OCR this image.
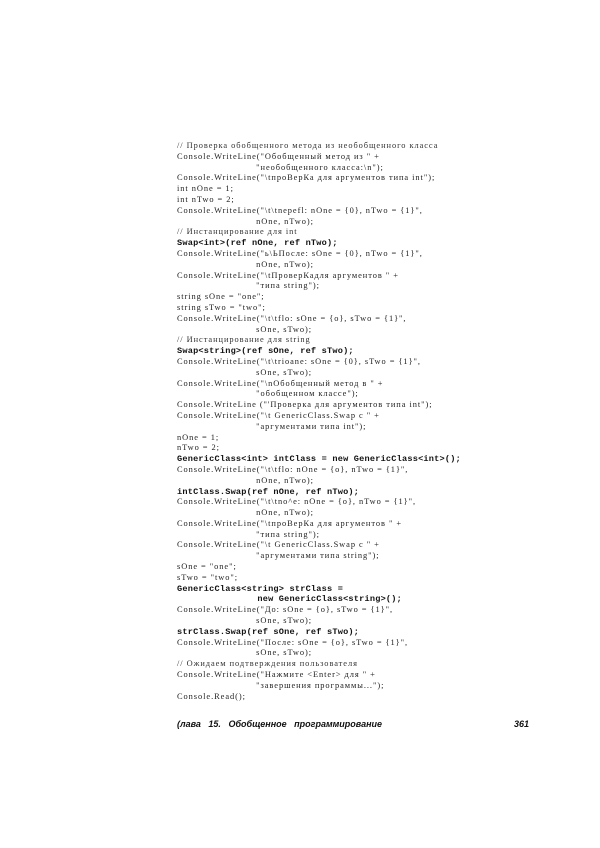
// Проверка обобщенного метода из необобщенного класса
Console.WriteLine("Обобщенный метод из " +
"необобщенного класса:\n");
Console.WriteLine("\tпроВерКа для аргументов типа int");
int nOne = 1;
int nTwo = 2;
Console.WriteLine("\t\tnepefl: nOne = {0}, nTwo = {1}",
nOne, nTwo);
// Инстанцирование для int
Swap<int>(ref nOne, ref nTwo);
Console.WriteLine("ь\ЬПосле: sOne = {0}, nTwo = {1}",
nOne, nTwo);
Console.WriteLine("\tПроверКадля аргументов " +
"типа string");
string sOne = "one";
string sTwo = "two";
Console.WriteLine("\t\tflo: sOne = {o}, sTwo = {1}",
sOne, sTwo);
// Инстанцирование для string
Swap<string>(ref sOne, ref sTwo);
Console.WriteLine("\t\trioane: sOne = {0}, sTwo = {1}",
sOne, sTwo);
Console.WriteLine("\nОбобщенный метод в " +
"обобщенном классе");
Console.WriteLine ("'Проверка для аргументов типа int");
Console.WriteLine("\t GenericClass.Swap с " +
"аргументами типа int");
nOne = 1;
nTwo = 2;
GenericClass<int> intClass = new GenericClass<int>();
Console.WriteLine("\t\tflo: nOne = {o}, nTwo = {1}",
nOne, nTwo);
intClass.Swap(ref nOne, ref nTwo);
Console.WriteLine("\t\tno^e: nOne = {o}, nTwo = {1}",
nOne, nTwo);
Console.WriteLine("\tпроВерКа для аргументов " +
"типа string");
Console.WriteLine("\t GenericClass.Swap с " +
"аргументами типа string");
sOne = "one";
sTwo = "two";
GenericClass<string> strClass =
new GenericClass<string>();
Console.WriteLine("До: sOne = {o}, sTwo = {1}",
sOne, sTwo);
strClass.Swap(ref sOne, ref sTwo);
Console.WriteLine("После: sOne = {o}, sTwo = {1}",
sOne, sTwo);
// Ожидаем подтверждения пользователя
Console.WriteLine("Нажмите <Enter> для " +
"завершения программы...");
Console.Read();
(лава   15.   Обобщенное   программирование	361
